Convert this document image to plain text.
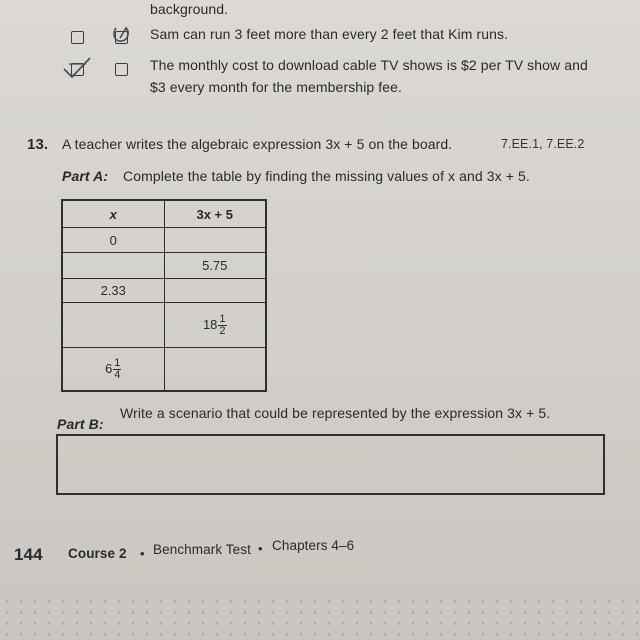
background.
Sam can run 3 feet more than every 2 feet that Kim runs.
The monthly cost to download cable TV shows is $2 per TV show and
$3 every month for the membership fee.
13. A teacher writes the algebraic expression 3x + 5 on the board.	7.EE.1, 7.EE.2
Part A: Complete the table by finding the missing values of x and 3x + 5.
x	3x + 5
0	
	5.75
2.33	
	$18 \frac{1}{2}$

$6 \frac{1}{4}$

Part B:
Write a scenario that could be represented by the expression 3x + 5.
144 Course 2 • Benchmark Test • Chapters 4–6
